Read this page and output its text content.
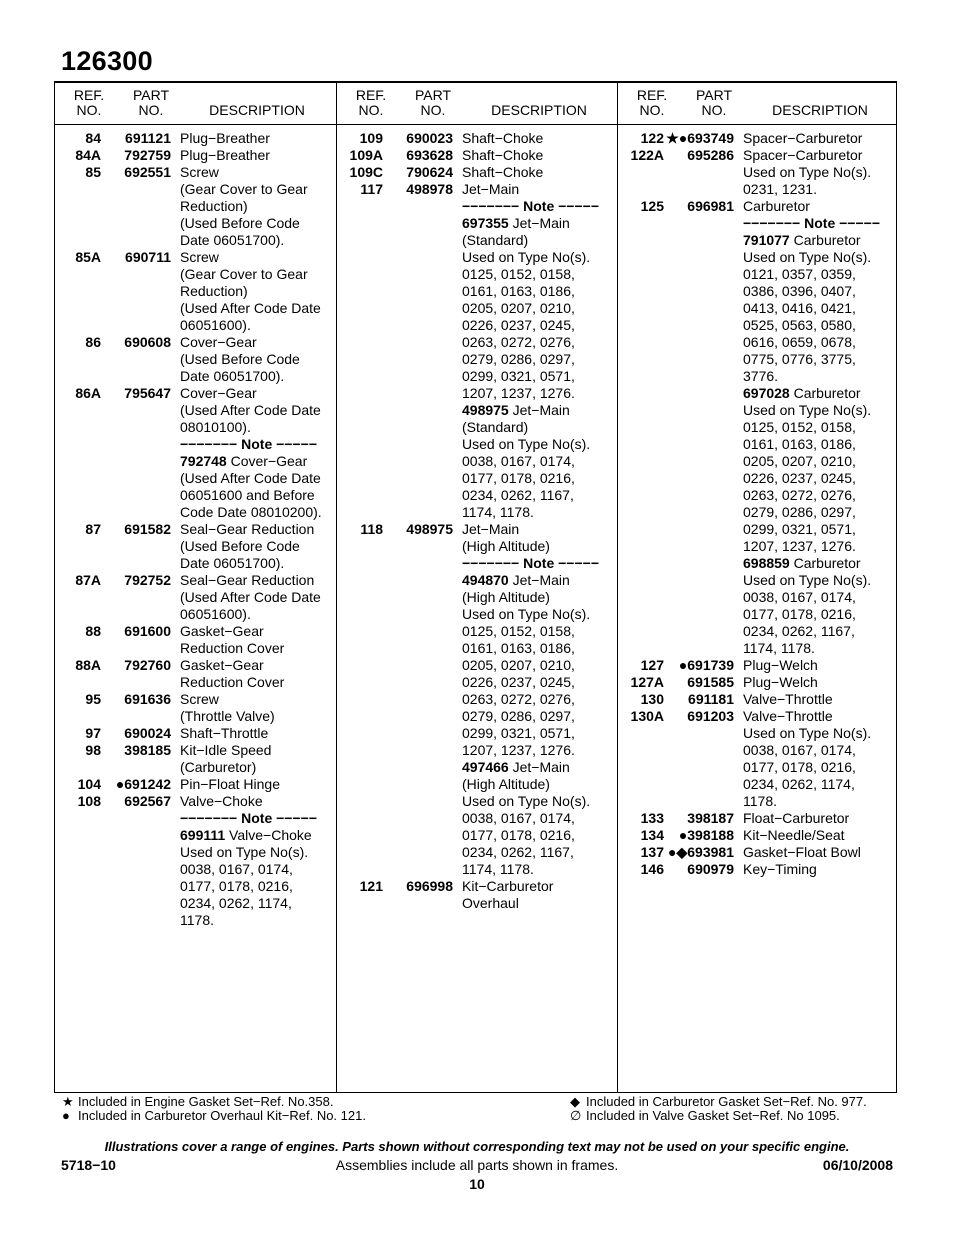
126300
REF.
NO.
PART
NO.	DESCRIPTION
84	691121 Plug−Breather
84A	792759 Plug−Breather
85	692551 Screw
(Gear Cover to Gear
Reduction)
(Used Before Code
Date 06051700).
85A	690711 Screw
(Gear Cover to Gear
Reduction)
(Used After Code Date
06051600).
86	690608 Cover−Gear
(Used Before Code
Date 06051700).
86A	795647 Cover−Gear
(Used After Code Date
08010100).
−−−−−−− Note −−−−−
792748 Cover−Gear
(Used After Code Date
06051600 and Before
Code Date 08010200).
87	691582 Seal−Gear Reduction
(Used Before Code
Date 06051700).
87A	792752 Seal−Gear Reduction
(Used After Code Date
06051600).
88	691600 Gasket−Gear
Reduction Cover
88A	792760 Gasket−Gear
Reduction Cover
95	691636 Screw
(Throttle Valve)
97	690024 Shaft−Throttle
98	398185 Kit−Idle Speed
(Carburetor)
104	●691242 Pin−Float Hinge
108	692567 Valve−Choke
−−−−−−− Note −−−−−
699111 Valve−Choke
Used on Type No(s).
0038, 0167, 0174,
0177, 0178, 0216,
0234, 0262, 1174,
1178.
REF.
NO.
PART
NO.	DESCRIPTION
109	690023 Shaft−Choke
109A	693628 Shaft−Choke
109C	790624 Shaft−Choke
117	498978 Jet−Main
−−−−−−− Note −−−−−
697355 Jet−Main
(Standard)
Used on Type No(s).
0125, 0152, 0158,
0161, 0163, 0186,
0205, 0207, 0210,
0226, 0237, 0245,
0263, 0272, 0276,
0279, 0286, 0297,
0299, 0321, 0571,
1207, 1237, 1276.
498975 Jet−Main
(Standard)
Used on Type No(s).
0038, 0167, 0174,
0177, 0178, 0216,
0234, 0262, 1167,
1174, 1178.
118	498975 Jet−Main
(High Altitude)
−−−−−−− Note −−−−−
494870 Jet−Main
(High Altitude)
Used on Type No(s).
0125, 0152, 0158,
0161, 0163, 0186,
0205, 0207, 0210,
0226, 0237, 0245,
0263, 0272, 0276,
0279, 0286, 0297,
0299, 0321, 0571,
1207, 1237, 1276.
497466 Jet−Main
(High Altitude)
Used on Type No(s).
0038, 0167, 0174,
0177, 0178, 0216,
0234, 0262, 1167,
1174, 1178.
121	696998 Kit−Carburetor
Overhaul
REF.
NO.
PART
NO.	DESCRIPTION
122 ★●693749 Spacer−Carburetor
122A	695286 Spacer−Carburetor
Used on Type No(s).
0231, 1231.
125	696981 Carburetor
−−−−−−− Note −−−−−
791077 Carburetor
Used on Type No(s).
0121, 0357, 0359,
0386, 0396, 0407,
0413, 0416, 0421,
0525, 0563, 0580,
0616, 0659, 0678,
0775, 0776, 3775,
3776.
697028 Carburetor
Used on Type No(s).
0125, 0152, 0158,
0161, 0163, 0186,
0205, 0207, 0210,
0226, 0237, 0245,
0263, 0272, 0276,
0279, 0286, 0297,
0299, 0321, 0571,
1207, 1237, 1276.
698859 Carburetor
Used on Type No(s).
0038, 0167, 0174,
0177, 0178, 0216,
0234, 0262, 1167,
1174, 1178.
127	●691739 Plug−Welch
127A	691585 Plug−Welch
130	691181 Valve−Throttle
130A	691203 Valve−Throttle
Used on Type No(s).
0038, 0167, 0174,
0177, 0178, 0216,
0234, 0262, 1174,
1178.
133	398187 Float−Carburetor
134	●398188 Kit−Needle/Seat
137 ●◆693981 Gasket−Float Bowl
146	690979 Key−Timing
★ Included in Engine Gasket Set−Ref. No.358.
● Included in Carburetor Overhaul Kit−Ref. No. 121.
◆ Included in Carburetor Gasket Set−Ref. No. 977.
∅ Included in Valve Gasket Set−Ref. No 1095.
Illustrations cover a range of engines. Parts shown without corresponding text may not be used on your specific engine.
5718−10	Assemblies include all parts shown in frames.	06/10/2008
10
